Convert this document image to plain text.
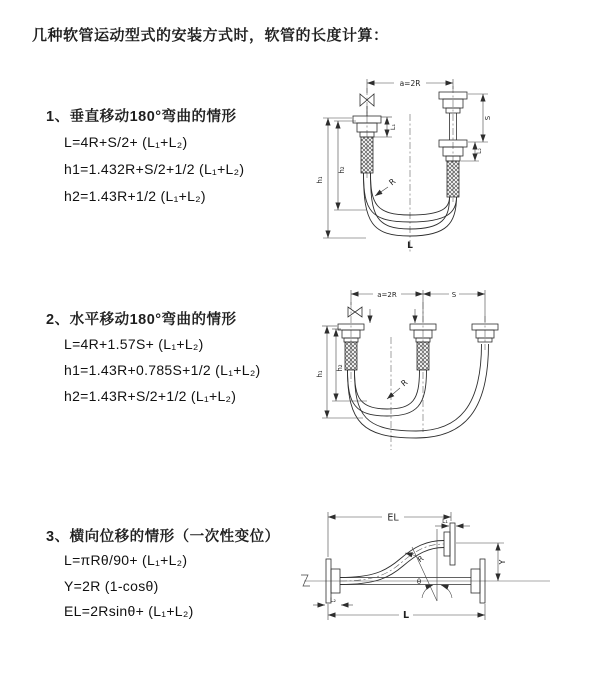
几种软管运动型式的安装方式时，软管的长度计算：
1、垂直移动180°弯曲的情形
L=4R+S/2+ (L₁+L₂)
h1=1.432R+S/2+1/2 (L₁+L₂)
h2=1.43R+1/2 (L₁+L₂)
2、水平移动180°弯曲的情形
L=4R+1.57S+ (L₁+L₂)
h1=1.43R+0.785S+1/2 (L₁+L₂)
h2=1.43R+S/2+1/2 (L₁+L₂)
3、横向位移的情形（一次性变位）
L=πRθ/90+ (L₁+L₂)
Y=2R (1-cosθ)
EL=2Rsinθ+ (L₁+L₂)
a=2R
R
h₁
h₂
L₁
S
L₂
L
a=2R	S
R
h₁
h₂
θ
R
EL	L₁
L₂
Y
L
